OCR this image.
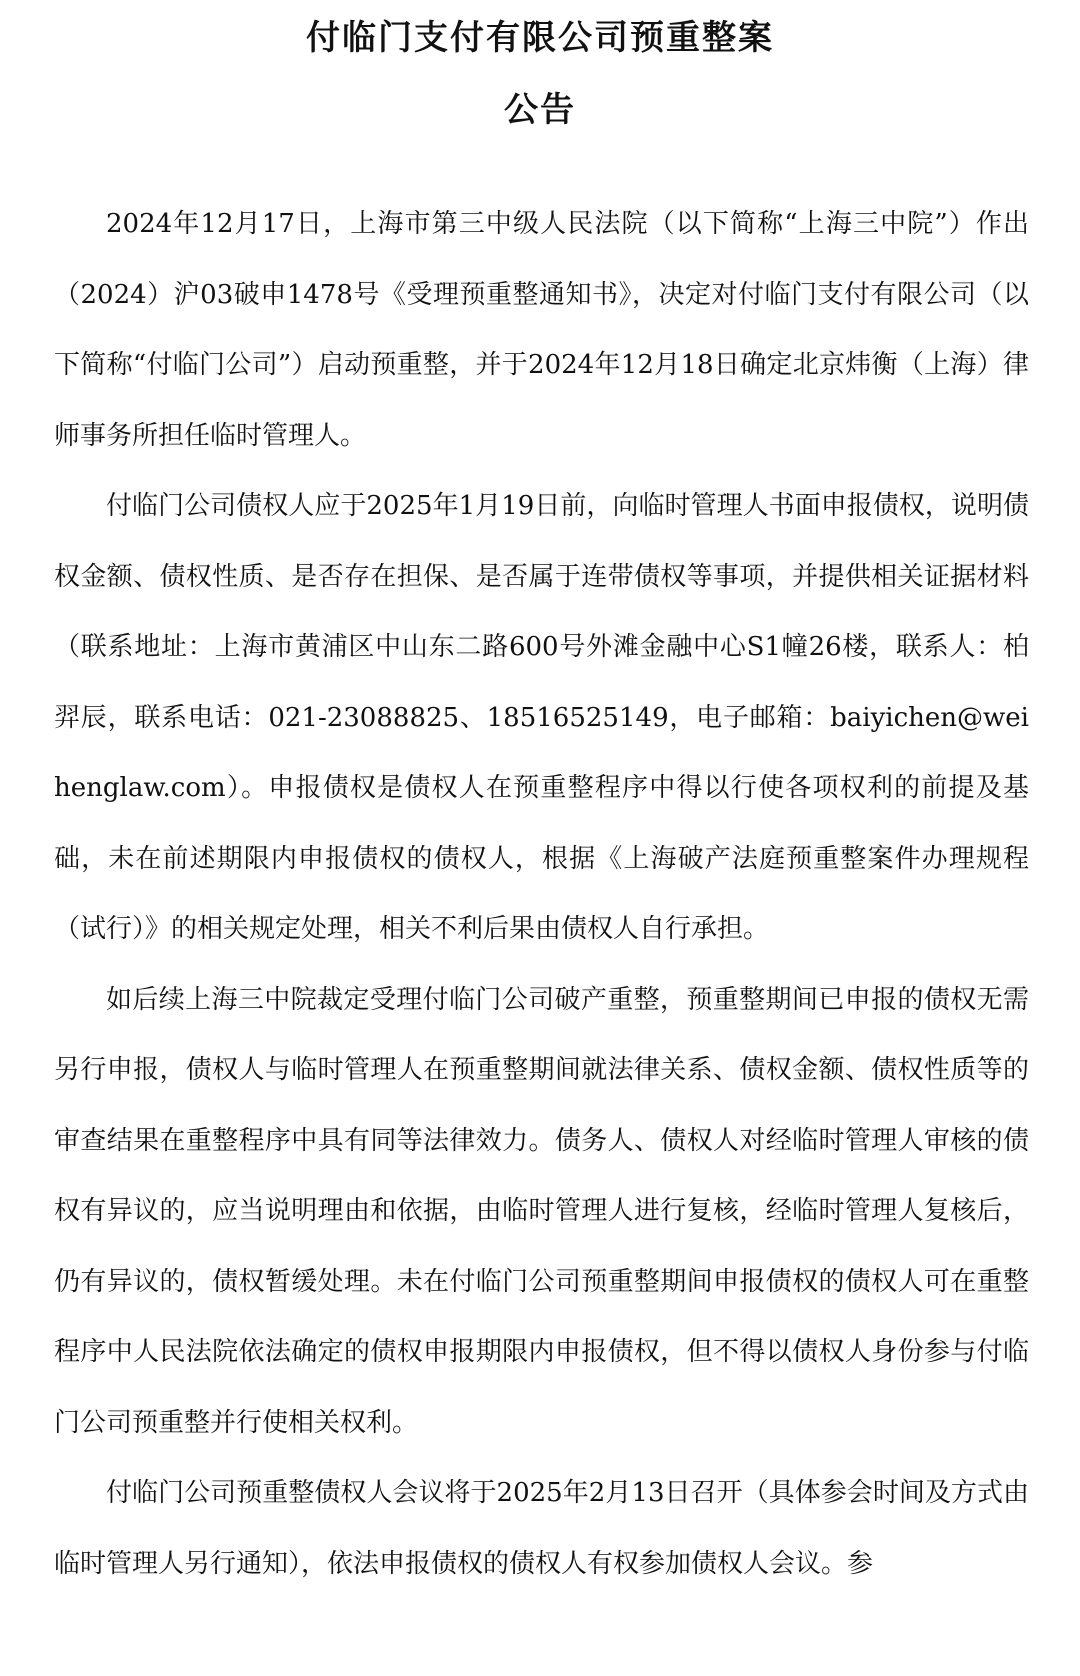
付临门支付有限公司预重整案
公告

2024年12月17日，上海市第三中级人民法院（以下简称“上海三中院”）作出（2024）沪03破申1478号《受理预重整通知书》，决定对付临门支付有限公司（以下简称“付临门公司”）启动预重整，并于2024年12月18日确定北京炜衡（上海）律师事务所担任临时管理人。

付临门公司债权人应于2025年1月19日前，向临时管理人书面申报债权，说明债权金额、债权性质、是否存在担保、是否属于连带债权等事项，并提供相关证据材料（联系地址：上海市黄浦区中山东二路600号外滩金融中心S1幢26楼，联系人：柏羿辰，联系电话：021-23088825、18516525149，电子邮箱：baiyichen@weihenglaw.com）。申报债权是债权人在预重整程序中得以行使各项权利的前提及基础，未在前述期限内申报债权的债权人，根据《上海破产法庭预重整案件办理规程（试行）》的相关规定处理，相关不利后果由债权人自行承担。

如后续上海三中院裁定受理付临门公司破产重整，预重整期间已申报的债权无需另行申报，债权人与临时管理人在预重整期间就法律关系、债权金额、债权性质等的审查结果在重整程序中具有同等法律效力。债务人、债权人对经临时管理人审核的债权有异议的，应当说明理由和依据，由临时管理人进行复核，经临时管理人复核后，仍有异议的，债权暂缓处理。未在付临门公司预重整期间申报债权的债权人可在重整程序中人民法院依法确定的债权申报期限内申报债权，但不得以债权人身份参与付临门公司预重整并行使相关权利。

付临门公司预重整债权人会议将于2025年2月13日召开（具体参会时间及方式由临时管理人另行通知），依法申报债权的债权人有权参加债权人会议。参
